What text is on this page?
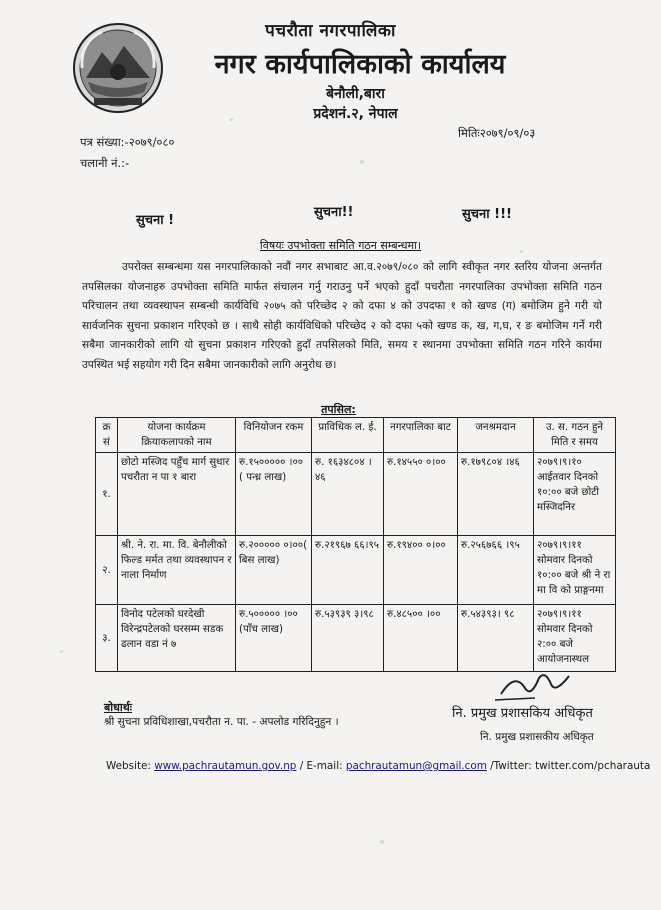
पचरौता नगरपालिका
नगर कार्यपालिकाको कार्यालय
बेनौली,बारा
प्रदेशनं.२, नेपाल
पत्र संख्या:-२०७९/०८०
चलानी नं.:-
मितिः२०७९/०९/०३
सुचना !
सुचना!!	सुचना !!!
विषयः उपभोक्ता समिति गठन सम्बन्धमा।
उपरोक्त सम्बन्धमा यस नगरपालिकाको नवौं नगर सभाबाट आ.व.२०७९/०८० को लागि स्वीकृत नगर स्तरिय योजना अन्तर्गत तपसिलका योजनाहरु उपभोक्ता समिति मार्फत संचालन गर्नु गराउनु पर्ने भएको हुदाँ पचरौता नगरपालिका उपभोक्ता समिति गठन परिचालन तथा व्यवस्थापन सम्बन्धी कार्यविधि २०७५ को परिच्छेद २ को दफा ४ को उपदफा १ को खण्ड (ग) बमोजिम हुने गरी यो सार्वजनिक सुचना प्रकाशन गरिएको छ । साथै सोही कार्यविधिको परिच्छेद २ को दफा ५को खण्ड क, ख, ग,घ, र ङ बमोजिम गर्ने गरी सबैमा जानकारीको लागि यो सुचना प्रकाशन गरिएको हुदाँ तपसिलको मिति, समय र स्थानमा उपभोक्ता समिति गठन गरिने कार्यमा उपस्थित भई सहयोग गरी दिन सबैमा जानकारीको लागि अनुरोध छ।
तपसिल:
क्र सं	योजना कार्यक्रम क्रियाकलापको नाम	विनियोजन रकम	प्राविधिक ल. ई.	नगरपालिका बाट	जनश्रमदान	उ. स. गठन हुने मिति र समय
१.	छोटो मस्जिद पहुँच मार्ग सुधार पचरौता न पा १ बारा	रु.१५००००० ।०० ( पन्ध्र लाख)	रु. १६३४८०४ ।४६	रु.१४५५० ०।००	रु.१७९८०४ ।४६	२०७९।९।१० आईतवार दिनको १०:०० बजे छोटी मस्जिदनिर
२.	श्री. ने. रा. मा. वि. बेनौलीको फिल्ड मर्मत तथा व्यवस्थापन र नाला निर्माण	रु.२००००० ०।००( बिस लाख)	रु.२१९६७ ६६।९५	रु.१९४०० ०।००	रु.२५६७६६ ।९५	२०७९।९।११ सोमवार दिनको १०:०० बजे श्री ने रा मा वि को प्राङ्गनमा
३.	विनोद पटेलको घरदेखी विरेन्द्रपटेलको घरसम्म सडक ढलान वडा नं ७	रु.५००००० ।०० (पाँच लाख)	रु.५३९३९ ३।९८	रु.४८५०० ।००	रु.५४३९३। ९८	२०७९।९।११ सोमवार दिनको २:०० बजे आयोजनास्थल
बोधार्थः
श्री सुचना प्रविधिशाखा,पचरौता न. पा. - अपलोड गरिदिनुहुन ।
नि. प्रमुख प्रशासकिय अधिकृत
नि. प्रमुख प्रशासकीय अधिकृत
Website: www.pachrautamun.gov.np / E-mail: pachrautamun@gmail.com /Twitter: twitter.com/pcharauta
